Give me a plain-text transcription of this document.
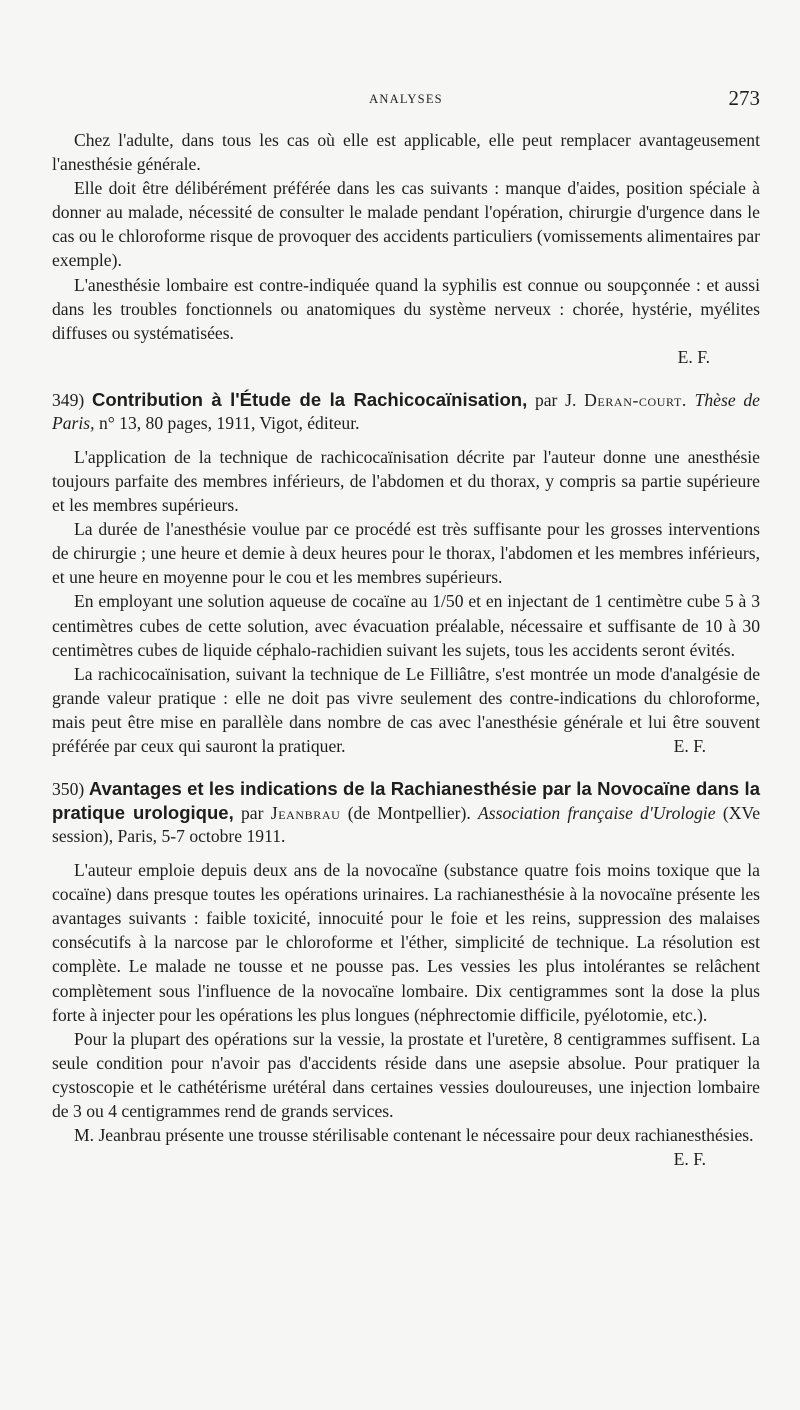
ANALYSES	273

Chez l'adulte, dans tous les cas où elle est applicable, elle peut remplacer avantageusement l'anesthésie générale.

Elle doit être délibérément préférée dans les cas suivants : manque d'aides, position spéciale à donner au malade, nécessité de consulter le malade pendant l'opération, chirurgie d'urgence dans le cas ou le chloroforme risque de provoquer des accidents particuliers (vomissements alimentaires par exemple).

L'anesthésie lombaire est contre-indiquée quand la syphilis est connue ou soupçonnée : et aussi dans les troubles fonctionnels ou anatomiques du système nerveux : chorée, hystérie, myélites diffuses ou systématisées.

E. F.
349) Contribution à l'Étude de la Rachicocaïnisation, par J. Deran-court. Thèse de Paris, n° 13, 80 pages, 1911, Vigot, éditeur.

L'application de la technique de rachicocaïnisation décrite par l'auteur donne une anesthésie toujours parfaite des membres inférieurs, de l'abdomen et du thorax, y compris sa partie supérieure et les membres supérieurs.

La durée de l'anesthésie voulue par ce procédé est très suffisante pour les grosses interventions de chirurgie ; une heure et demie à deux heures pour le thorax, l'abdomen et les membres inférieurs, et une heure en moyenne pour le cou et les membres supérieurs.

En employant une solution aqueuse de cocaïne au 1/50 et en injectant de 1 centimètre cube 5 à 3 centimètres cubes de cette solution, avec évacuation préalable, nécessaire et suffisante de 10 à 30 centimètres cubes de liquide céphalo-rachidien suivant les sujets, tous les accidents seront évités.

La rachicocaïnisation, suivant la technique de Le Filliâtre, s'est montrée un mode d'analgésie de grande valeur pratique : elle ne doit pas vivre seulement des contre-indications du chloroforme, mais peut être mise en parallèle dans nombre de cas avec l'anesthésie générale et lui être souvent préférée par ceux qui sauront la pratiquer.	E. F.

350) Avantages et les indications de la Rachianesthésie par la Novocaïne dans la pratique urologique, par Jeanbrau (de Montpellier). Association française d'Urologie (XVe session), Paris, 5-7 octobre 1911.

L'auteur emploie depuis deux ans de la novocaïne (substance quatre fois moins toxique que la cocaïne) dans presque toutes les opérations urinaires. La rachianesthésie à la novocaïne présente les avantages suivants : faible toxicité, innocuité pour le foie et les reins, suppression des malaises consécutifs à la narcose par le chloroforme et l'éther, simplicité de technique. La résolution est complète. Le malade ne tousse et ne pousse pas. Les vessies les plus intolérantes se relâchent complètement sous l'influence de la novocaïne lombaire. Dix centigrammes sont la dose la plus forte à injecter pour les opérations les plus longues (néphrectomie difficile, pyélotomie, etc.).

Pour la plupart des opérations sur la vessie, la prostate et l'uretère, 8 centigrammes suffisent. La seule condition pour n'avoir pas d'accidents réside dans une asepsie absolue. Pour pratiquer la cystoscopie et le cathétérisme urétéral dans certaines vessies douloureuses, une injection lombaire de 3 ou 4 centigrammes rend de grands services.

M. Jeanbrau présente une trousse stérilisable contenant le nécessaire pour deux rachianesthésies.
E. F.
